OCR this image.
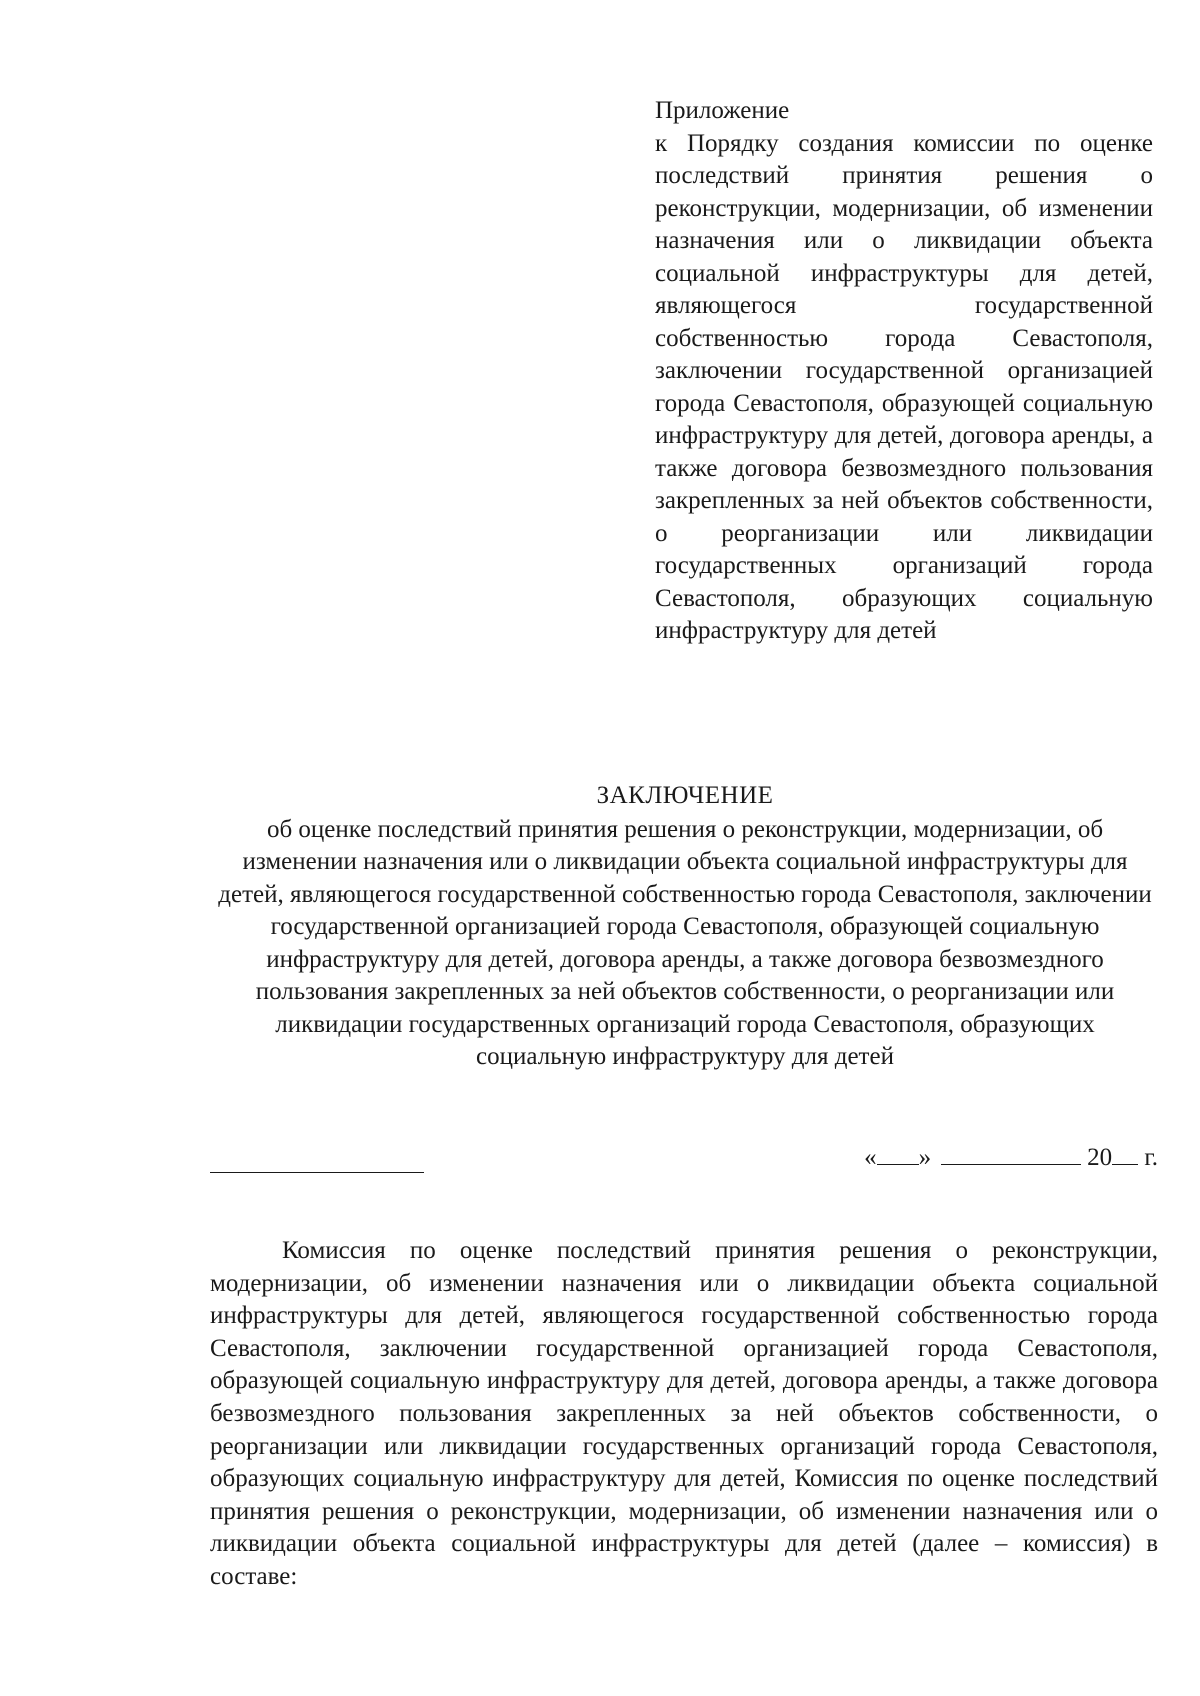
Приложение
к Порядку создания комиссии по оценке последствий принятия решения о реконструкции, модернизации, об изменении назначения или о ликвидации объекта социальной инфраструктуры для детей, являющегося государственной собственностью города Севастополя, заключении государственной организацией города Севастополя, образующей социальную инфраструктуру для детей, договора аренды, а также договора безвозмездного пользования закрепленных за ней объектов собственности, о реорганизации или ликвидации государственных организаций города Севастополя, образующих социальную инфраструктуру для детей
ЗАКЛЮЧЕНИЕ
об оценке последствий принятия решения о реконструкции, модернизации, об изменении назначения или о ликвидации объекта социальной инфраструктуры для детей, являющегося государственной собственностью города Севастополя, заключении государственной организацией города Севастополя, образующей социальную инфраструктуру для детей, договора аренды, а также договора безвозмездного пользования закрепленных за ней объектов собственности, о реорганизации или ликвидации государственных организаций города Севастополя, образующих социальную инфраструктуру для детей
« »	20 г.

Комиссия по оценке последствий принятия решения о реконструкции, модернизации, об изменении назначения или о ликвидации объекта социальной инфраструктуры для детей, являющегося государственной собственностью города Севастополя, заключении государственной организацией города Севастополя, образующей социальную инфраструктуру для детей, договора аренды, а также договора безвозмездного пользования закрепленных за ней объектов собственности, о реорганизации или ликвидации государственных организаций города Севастополя, образующих социальную инфраструктуру для детей, Комиссия по оценке последствий принятия решения о реконструкции, модернизации, об изменении назначения или о ликвидации объекта социальной инфраструктуры для детей (далее – комиссия) в составе:
